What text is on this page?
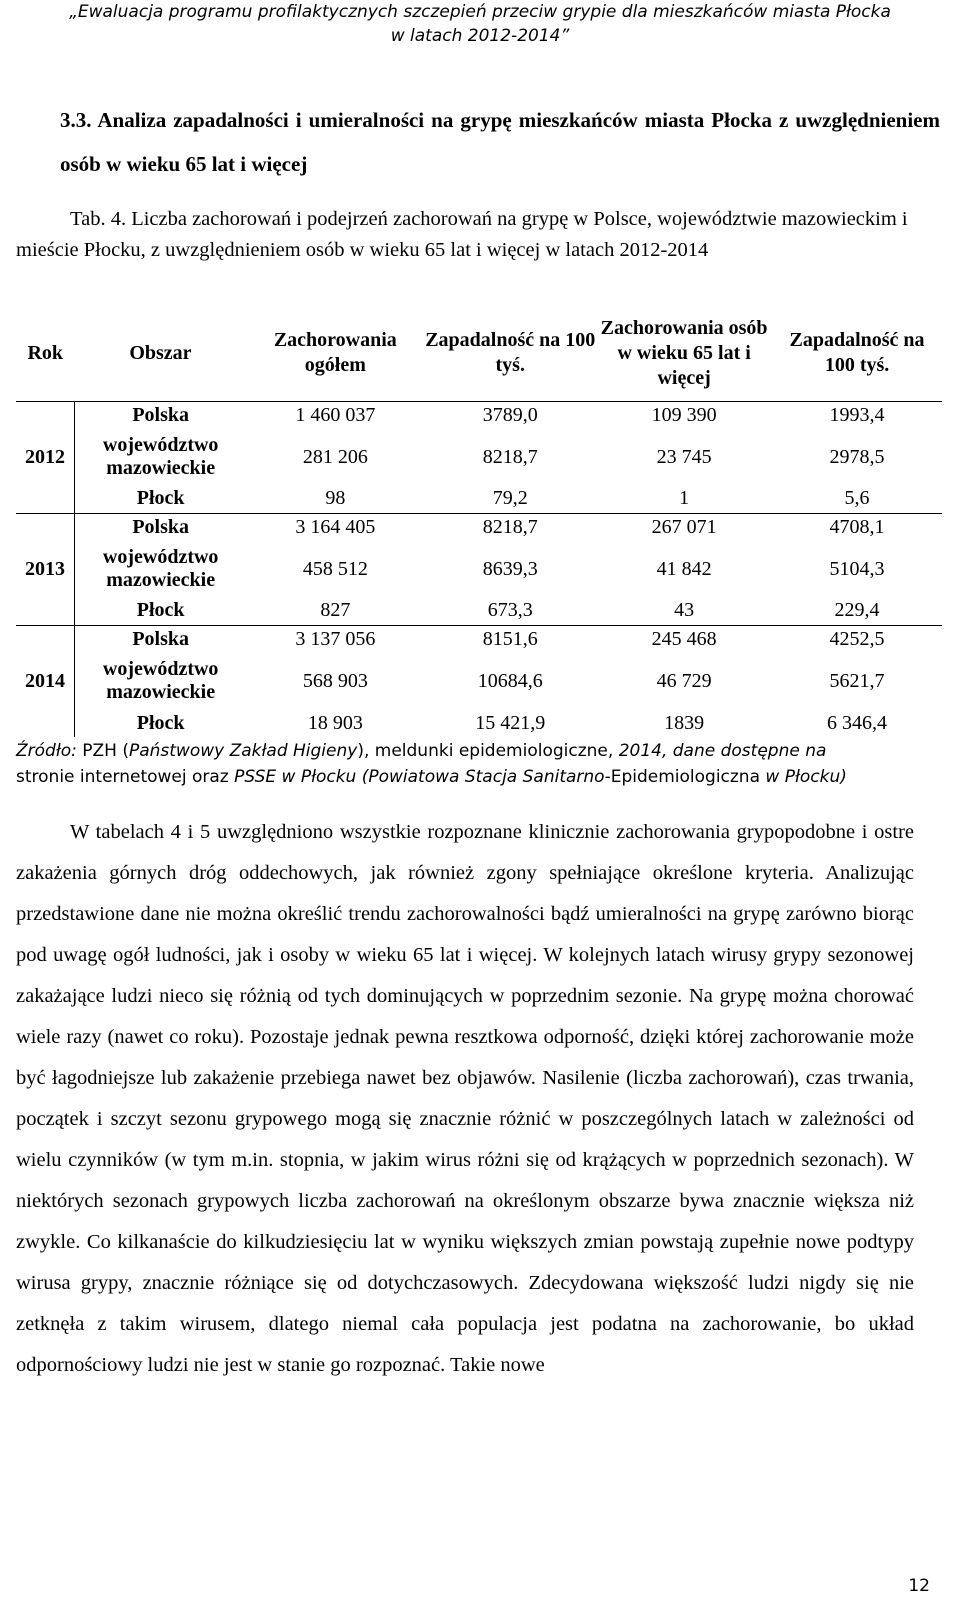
„Ewaluacja programu profilaktycznych szczepień przeciw grypie dla mieszkańców miasta Płocka
w latach 2012-2014”
3.3. Analiza zapadalności i umieralności na grypę mieszkańców miasta Płocka z uwzględnieniem osób w wieku 65 lat i więcej
Tab. 4. Liczba zachorowań i podejrzeń zachorowań na grypę w Polsce, województwie mazowieckim i mieście Płocku, z uwzględnieniem osób w wieku 65 lat i więcej w latach 2012-2014
Rok	Obszar	Zachorowania ogółem	Zapadalność na 100 tyś.	Zachorowania osób w wieku 65 lat i więcej	Zapadalność na 100 tyś.
2012	Polska	1 460 037	3789,0	109 390	1993,4
	województwo mazowieckie	281 206	8218,7	23 745	2978,5
	Płock	98	79,2	1	5,6
2013	Polska	3 164 405	8218,7	267 071	4708,1
	województwo mazowieckie	458 512	8639,3	41 842	5104,3
	Płock	827	673,3	43	229,4
2014	Polska	3 137 056	8151,6	245 468	4252,5
	województwo mazowieckie	568 903	10684,6	46 729	5621,7
	Płock	18 903	15 421,9	1839	6 346,4
Źródło: PZH (Państwowy Zakład Higieny), meldunki epidemiologiczne, 2014, dane dostępne na
stronie internetowej oraz PSSE w Płocku (Powiatowa Stacja Sanitarno-Epidemiologiczna w Płocku)

W tabelach 4 i 5 uwzględniono wszystkie rozpoznane klinicznie zachorowania grypopodobne i ostre zakażenia górnych dróg oddechowych, jak również zgony spełniające określone kryteria. Analizując przedstawione dane nie można określić trendu zachorowalności bądź umieralności na grypę zarówno biorąc pod uwagę ogół ludności, jak i osoby w wieku 65 lat i więcej. W kolejnych latach wirusy grypy sezonowej zakażające ludzi nieco się różnią od tych dominujących w poprzednim sezonie. Na grypę można chorować wiele razy (nawet co roku). Pozostaje jednak pewna resztkowa odporność, dzięki której zachorowanie może być łagodniejsze lub zakażenie przebiega nawet bez objawów. Nasilenie (liczba zachorowań), czas trwania, początek i szczyt sezonu grypowego mogą się znacznie różnić w poszczególnych latach w zależności od wielu czynników (w tym m.in. stopnia, w jakim wirus różni się od krążących w poprzednich sezonach). W niektórych sezonach grypowych liczba zachorowań na określonym obszarze bywa znacznie większa niż zwykle. Co kilkanaście do kilkudziesięciu lat w wyniku większych zmian powstają zupełnie nowe podtypy wirusa grypy, znacznie różniące się od dotychczasowych. Zdecydowana większość ludzi nigdy się nie zetknęła z takim wirusem, dlatego niemal cała populacja jest podatna na zachorowanie, bo układ odpornościowy ludzi nie jest w stanie go rozpoznać. Takie nowe

12
